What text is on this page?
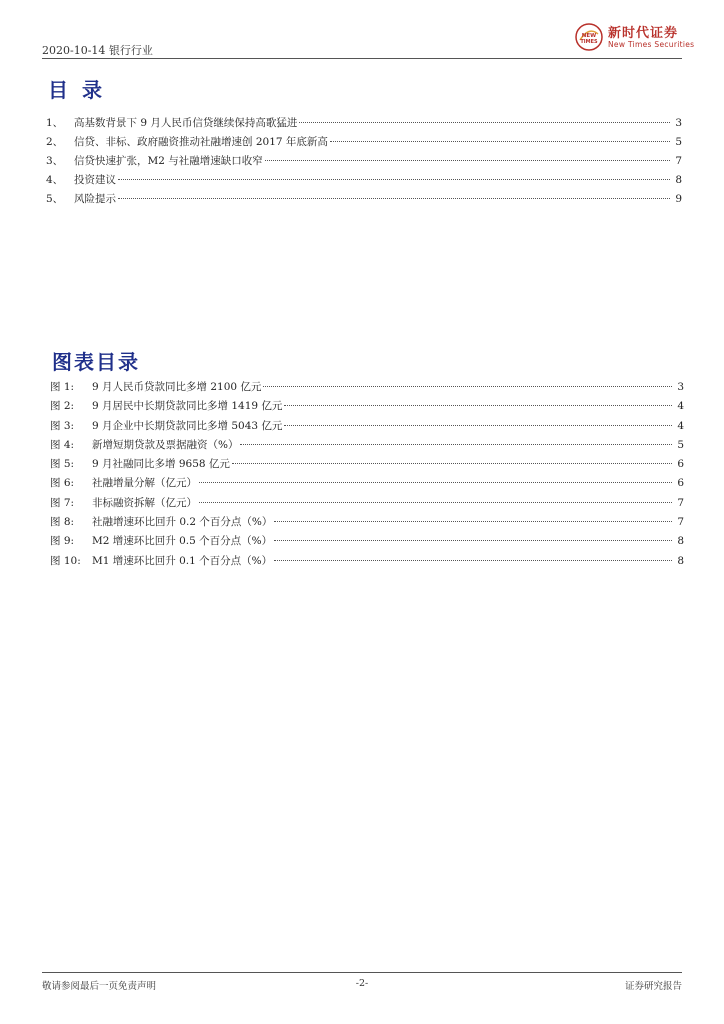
2020-10-14 银行行业
NEW
TIMES
新时代证券
New Times Securities
目录
1、	高基数背景下 9 月人民币信贷继续保持高歌猛进	3
2、	信贷、非标、政府融资推动社融增速创 2017 年底新高	5
3、	信贷快速扩张，M2 与社融增速缺口收窄	7
4、	投资建议	8
5、	风险提示	9
图表目录
图 1:	9 月人民币贷款同比多增 2100 亿元	3
图 2:	9 月居民中长期贷款同比多增 1419 亿元	4
图 3:	9 月企业中长期贷款同比多增 5043 亿元	4
图 4:	新增短期贷款及票据融资（%）	5
图 5:	9 月社融同比多增 9658 亿元	6
图 6:	社融增量分解（亿元）	6
图 7:	非标融资拆解（亿元）	7
图 8:	社融增速环比回升 0.2 个百分点（%）	7
图 9:	M2 增速环比回升 0.5 个百分点（%）	8
图 10:	M1 增速环比回升 0.1 个百分点（%）	8
敬请参阅最后一页免责声明	-2-	证券研究报告
